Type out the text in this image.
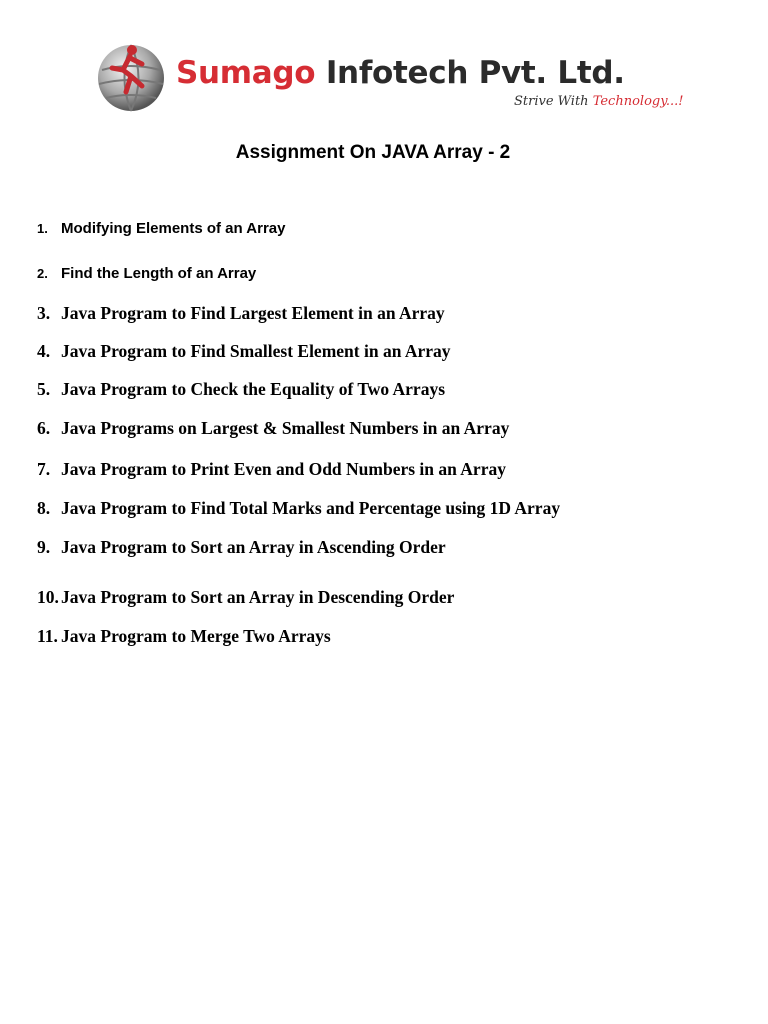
Sumago Infotech Pvt. Ltd.
Strive With Technology...!
Assignment On JAVA Array - 2
1. Modifying Elements of an Array
2. Find the Length of an Array
3. Java Program to Find Largest Element in an Array
4. Java Program to Find Smallest Element in an Array
5. Java Program to Check the Equality of Two Arrays
6. Java Programs on Largest & Smallest Numbers in an Array
7. Java Program to Print Even and Odd Numbers in an Array
8. Java Program to Find Total Marks and Percentage using 1D Array
9. Java Program to Sort an Array in Ascending Order
10. Java Program to Sort an Array in Descending Order
11. Java Program to Merge Two Arrays
